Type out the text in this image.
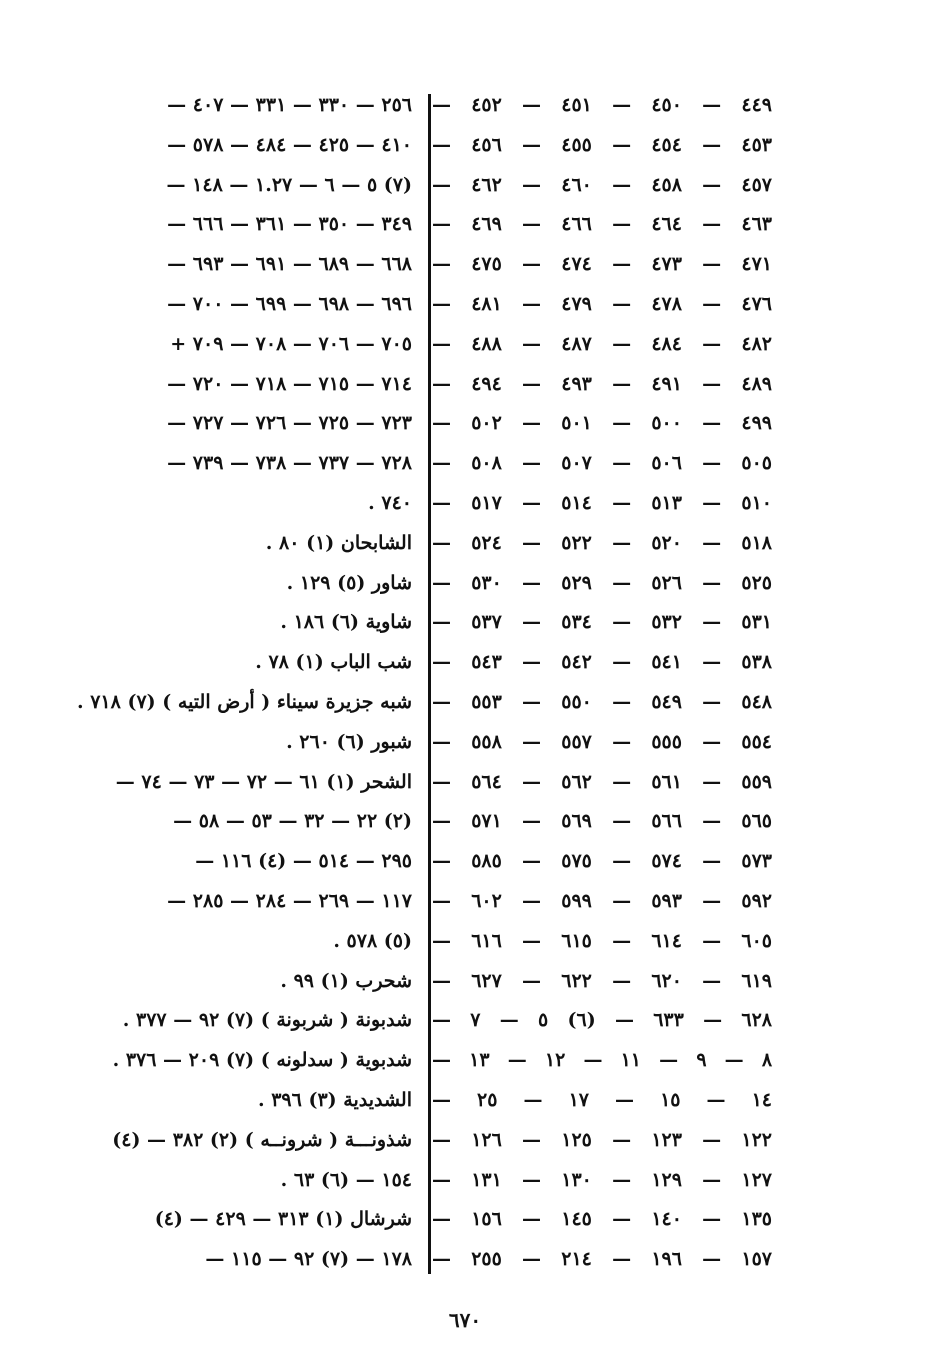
٤٤٩ — ٤٥٠ — ٤٥١ — ٤٥٢ —
٤٥٣ — ٤٥٤ — ٤٥٥ — ٤٥٦ —
٤٥٧ — ٤٥٨ — ٤٦٠ — ٤٦٢ —
٤٦٣ — ٤٦٤ — ٤٦٦ — ٤٦٩ —
٤٧١ — ٤٧٣ — ٤٧٤ — ٤٧٥ —
٤٧٦ — ٤٧٨ — ٤٧٩ — ٤٨١ —
٤٨٢ — ٤٨٤ — ٤٨٧ — ٤٨٨ —
٤٨٩ — ٤٩١ — ٤٩٣ — ٤٩٤ —
٤٩٩ — ٥٠٠ — ٥٠١ — ٥٠٢ —
٥٠٥ — ٥٠٦ — ٥٠٧ — ٥٠٨ —
٥١٠ — ٥١٣ — ٥١٤ — ٥١٧ —
٥١٨ — ٥٢٠ — ٥٢٢ — ٥٢٤ —
٥٢٥ — ٥٢٦ — ٥٢٩ — ٥٣٠ —
٥٣١ — ٥٣٢ — ٥٣٤ — ٥٣٧ —
٥٣٨ — ٥٤١ — ٥٤٢ — ٥٤٣ —
٥٤٨ — ٥٤٩ — ٥٥٠ — ٥٥٣ —
٥٥٤ — ٥٥٥ — ٥٥٧ — ٥٥٨ —
٥٥٩ — ٥٦١ — ٥٦٢ — ٥٦٤ —
٥٦٥ — ٥٦٦ — ٥٦٩ — ٥٧١ —
٥٧٣ — ٥٧٤ — ٥٧٥ — ٥٨٥ —
٥٩٢ — ٥٩٣ — ٥٩٩ — ٦٠٢ —
٦٠٥ — ٦١٤ — ٦١٥ — ٦١٦ —
٦١٩ — ٦٢٠ — ٦٢٢ — ٦٢٧ —
٦٢٨ — ٦٣٣ — (٦) ٥ — ٧ —
٨ — ٩ — ١١ — ١٢ — ١٣ —
١٤ — ١٥ — ١٧ — ٢٥ —
١٢٢ — ١٢٣ — ١٢٥ — ١٢٦ —
١٢٧ — ١٢٩ — ١٣٠ — ١٣١ —
١٣٥ — ١٤٠ — ١٤٥ — ١٥٦ —
١٥٧ — ١٩٦ — ٢١٤ — ٢٥٥ —
٢٥٦ — ٣٣٠ — ٣٣١ — ٤٠٧ —
٤١٠ — ٤٢٥ — ٤٨٤ — ٥٧٨ —
(٧) ٥ — ٦ — ١.٢٧ — ١٤٨ —
٣٤٩ — ٣٥٠ — ٣٦١ — ٦٦٦ —
٦٦٨ — ٦٨٩ — ٦٩١ — ٦٩٣ —
٦٩٦ — ٦٩٨ — ٦٩٩ — ٧٠٠ —
٧٠٥ — ٧٠٦ — ٧٠٨ — ٧٠٩ +
٧١٤ — ٧١٥ — ٧١٨ — ٧٢٠ —
٧٢٣ — ٧٢٥ — ٧٢٦ — ٧٢٧ —
٧٢٨ — ٧٣٧ — ٧٣٨ — ٧٣٩ —
٧٤٠ .
الشابحان (١) ٨٠ .
شاور (٥) ١٢٩ .
شاوية (٦) ١٨٦ .
شب الباب (١) ٧٨ .
شبه جزيرة سيناء ( أرض التيه ) (٧) ٧١٨ .
شبور (٦) ٢٦٠ .
الشحر (١) ٦١ — ٧٢ — ٧٣ — ٧٤ —
(٢) ٢٢ — ٣٢ — ٥٣ — ٥٨ —
٢٩٥ — ٥١٤ — (٤) ١١٦ —
١١٧ — ٢٦٩ — ٢٨٤ — ٢٨٥ —
(٥) ٥٧٨ .
شحرب (١) ٩٩ .
شدبونة ( شربونة ) (٧) ٩٢ — ٣٧٧ .
شدبوية ( سدلونه ) (٧) ٢٠٩ — ٣٧٦ .
الشديدية (٣) ٣٩٦ .
شذونـــة ( شرونــه ) (٢) ٣٨٢ — (٤)
١٥٤ — (٦) ٦٣ .
شرشال (١) ٣١٣ — ٤٢٩ — (٤)
١٧٨ — (٧) ٩٢ — ١١٥ —
٦٧٠
